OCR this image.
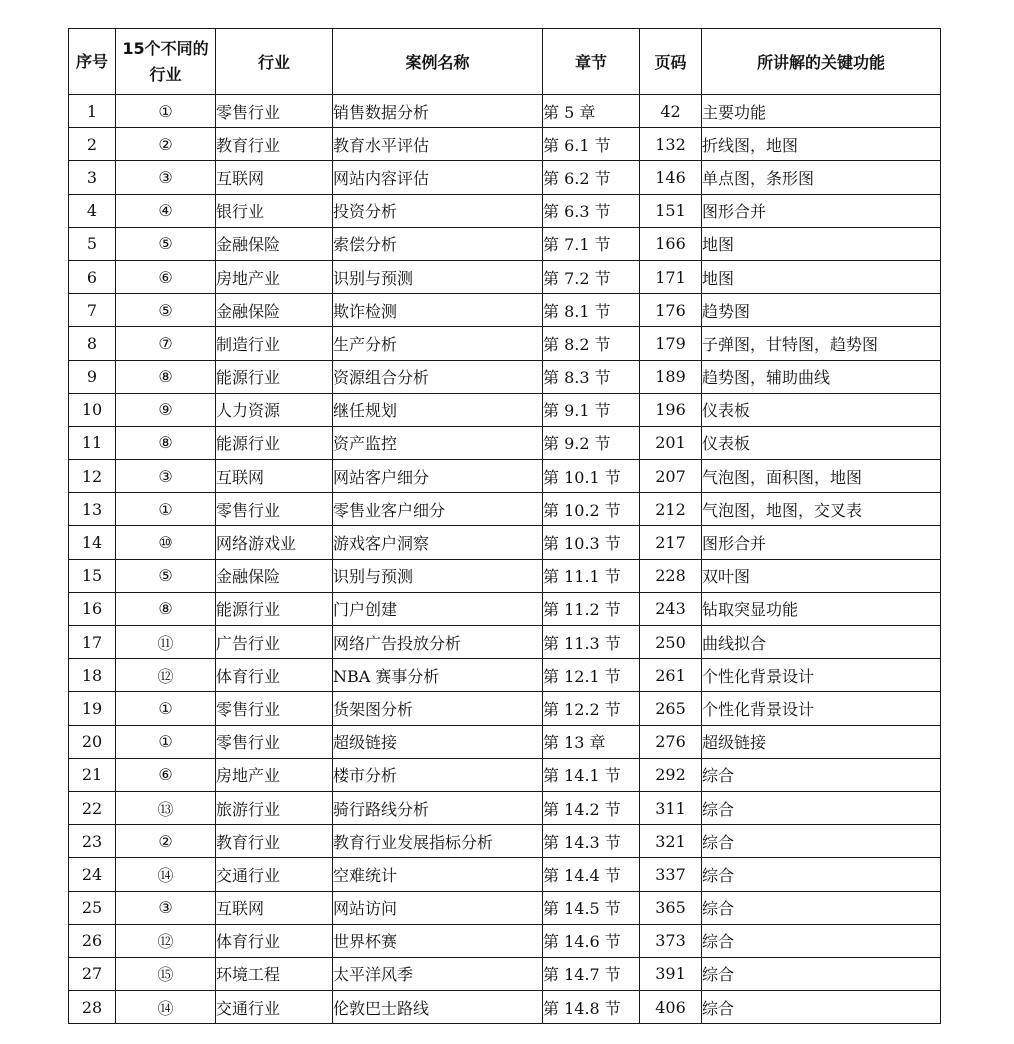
序号	15个不同的行业	行业	案例名称	章节	页码	所讲解的关键功能
1	①	零售行业	销售数据分析	第 5 章	42	主要功能
2	②	教育行业	教育水平评估	第 6.1 节	132	折线图，地图
3	③	互联网	网站内容评估	第 6.2 节	146	单点图，条形图
4	④	银行业	投资分析	第 6.3 节	151	图形合并
5	⑤	金融保险	索偿分析	第 7.1 节	166	地图
6	⑥	房地产业	识别与预测	第 7.2 节	171	地图
7	⑤	金融保险	欺诈检测	第 8.1 节	176	趋势图
8	⑦	制造行业	生产分析	第 8.2 节	179	子弹图，甘特图，趋势图
9	⑧	能源行业	资源组合分析	第 8.3 节	189	趋势图，辅助曲线
10	⑨	人力资源	继任规划	第 9.1 节	196	仪表板
11	⑧	能源行业	资产监控	第 9.2 节	201	仪表板
12	③	互联网	网站客户细分	第 10.1 节	207	气泡图，面积图，地图
13	①	零售行业	零售业客户细分	第 10.2 节	212	气泡图，地图，交叉表
14	⑩	网络游戏业	游戏客户洞察	第 10.3 节	217	图形合并
15	⑤	金融保险	识别与预测	第 11.1 节	228	双叶图
16	⑧	能源行业	门户创建	第 11.2 节	243	钻取突显功能
17	⑪	广告行业	网络广告投放分析	第 11.3 节	250	曲线拟合
18	⑫	体育行业	NBA 赛事分析	第 12.1 节	261	个性化背景设计
19	①	零售行业	货架图分析	第 12.2 节	265	个性化背景设计
20	①	零售行业	超级链接	第 13 章	276	超级链接
21	⑥	房地产业	楼市分析	第 14.1 节	292	综合
22	⑬	旅游行业	骑行路线分析	第 14.2 节	311	综合
23	②	教育行业	教育行业发展指标分析	第 14.3 节	321	综合
24	⑭	交通行业	空难统计	第 14.4 节	337	综合
25	③	互联网	网站访问	第 14.5 节	365	综合
26	⑫	体育行业	世界杯赛	第 14.6 节	373	综合
27	⑮	环境工程	太平洋风季	第 14.7 节	391	综合
28	⑭	交通行业	伦敦巴士路线	第 14.8 节	406	综合
